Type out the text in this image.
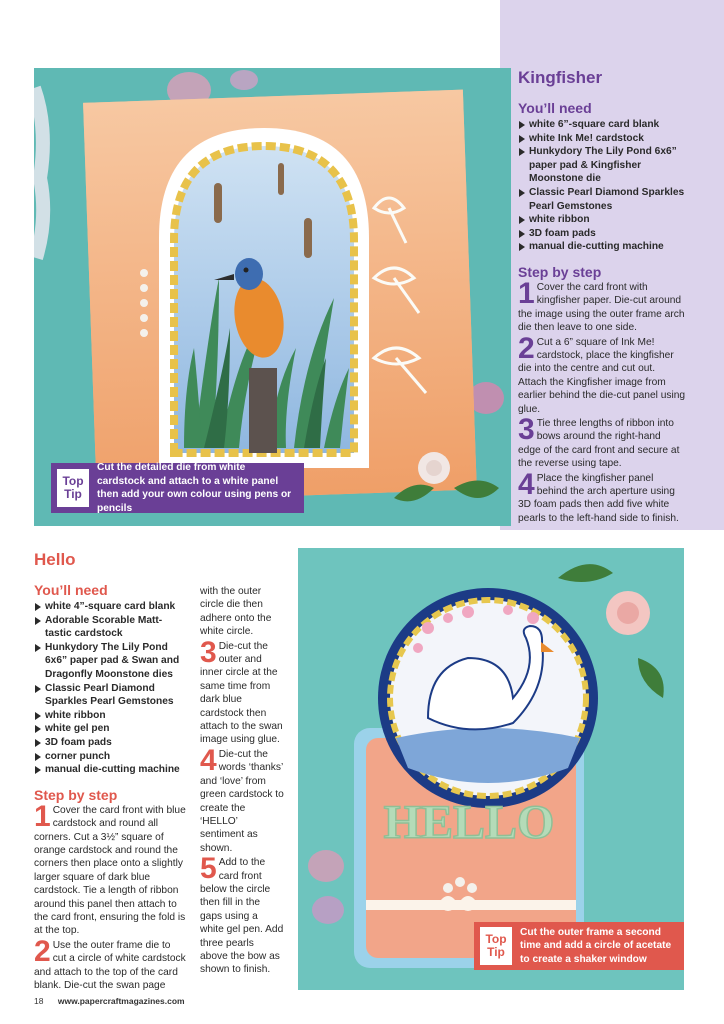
Top
Tip
Cut the detailed die from white cardstock and attach to a white panel then add your own colour using pens or pencils
Kingfisher
You’ll need
white 6”-square card blank
white Ink Me! cardstock
Hunkydory The Lily Pond 6x6” paper pad & Kingfisher Moonstone die
Classic Pearl Diamond Sparkles Pearl Gemstones
white ribbon
3D foam pads
manual die-cutting machine
Step by step
1 Cover the card front with kingfisher paper. Die-cut around the image using the outer frame arch die then leave to one side.
2 Cut a 6” square of Ink Me! cardstock, place the kingfisher die into the centre and cut out. Attach the Kingfisher image from earlier behind the die-cut panel using glue.
3 Tie three lengths of ribbon into bows around the right-hand edge of the card front and secure at the reverse using tape.
4 Place the kingfisher panel behind the arch aperture using 3D foam pads then add five white pearls to the left-hand side to finish.
HELLO
Top
Tip
Cut the outer frame a second time and add a circle of acetate to create a shaker window
Hello
You’ll need
white 4”-square card blank
Adorable Scorable Matt-tastic cardstock
Hunkydory The Lily Pond 6x6” paper pad & Swan and Dragonfly Moonstone dies
Classic Pearl Diamond Sparkles Pearl Gemstones
white ribbon
white gel pen
3D foam pads
corner punch
manual die-cutting machine
Step by step
1 Cover the card front with blue cardstock and round all corners. Cut a 3½” square of orange cardstock and round the corners then place onto a slightly larger square of dark blue cardstock. Tie a length of ribbon around this panel then attach to the card front, ensuring the fold is at the top.
2 Use the outer frame die to cut a circle of white cardstock and attach to the top of the card blank. Die-cut the swan page
with the outer circle die then adhere onto the white circle.
3 Die-cut the outer and inner circle at the same time from dark blue cardstock then attach to the swan image using glue.
4 Die-cut the words ‘thanks’ and ‘love’ from green cardstock to create the ‘HELLO’ sentiment as shown.
5 Add to the card front below the circle then fill in the gaps using a white gel pen. Add three pearls above the bow as shown to finish.
18 www.papercraftmagazines.com
